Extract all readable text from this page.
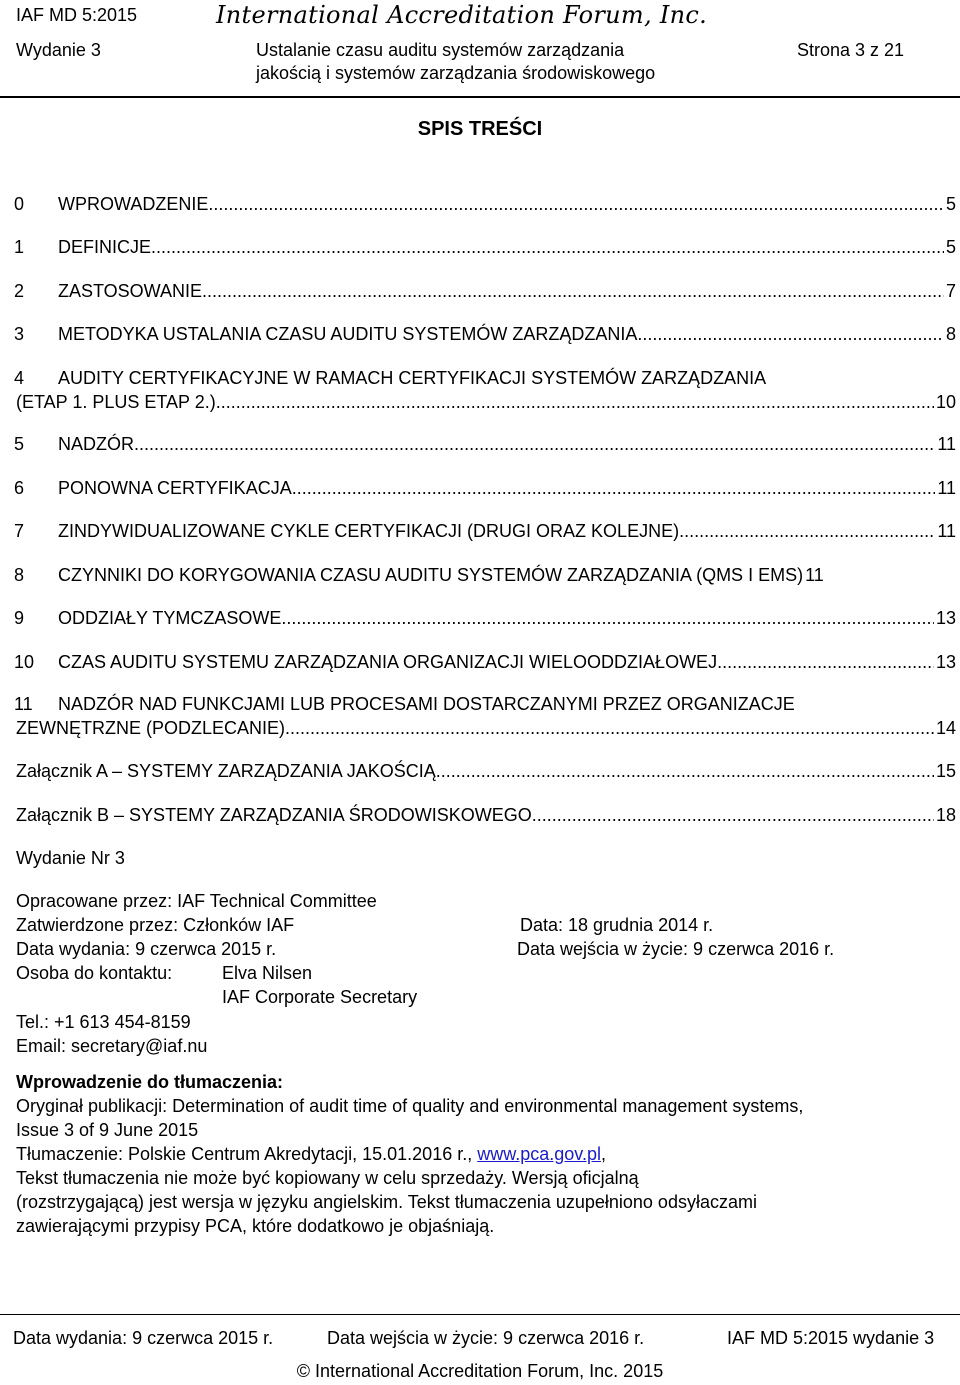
IAF MD 5:2015	International Accreditation Forum, Inc.
Wydanie 3	Ustalanie czasu auditu systemów zarządzania
jakością i systemów zarządzania środowiskowego
Strona 3 z 21
SPIS TREŚCI
0	WPROWADZENIE .....	5
1	DEFINICJE .....	5
2	ZASTOSOWANIE .....	7
3	METODYKA USTALANIA CZASU AUDITU SYSTEMÓW ZARZĄDZANIA .....	8
4 AUDITY CERTYFIKACYJNE W RAMACH CERTYFIKACJI SYSTEMÓW ZARZĄDZANIA
(ETAP 1. PLUS ETAP 2.) .....	10
5	NADZÓR .....	11
6	PONOWNA CERTYFIKACJA .....	11
7	ZINDYWIDUALIZOWANE CYKLE CERTYFIKACJI (DRUGI ORAZ KOLEJNE) .....	11
8	CZYNNIKI DO KORYGOWANIA CZASU AUDITU SYSTEMÓW ZARZĄDZANIA (QMS I EMS) 11
9	ODDZIAŁY TYMCZASOWE .....	13
10	CZAS AUDITU SYSTEMU ZARZĄDZANIA ORGANIZACJI WIELOODDZIAŁOWEJ .....	13
11 NADZÓR NAD FUNKCJAMI LUB PROCESAMI DOSTARCZANYMI PRZEZ ORGANIZACJE
ZEWNĘTRZNE (PODZLECANIE) .....	14
Załącznik A – SYSTEMY ZARZĄDZANIA JAKOŚCIĄ .....	15
Załącznik B – SYSTEMY ZARZĄDZANIA ŚRODOWISKOWEGO .....	18
Wydanie Nr 3
Opracowane przez: IAF Technical Committee
Zatwierdzone przez: Członków IAF	Data: 18 grudnia 2014 r.
Data wydania: 9 czerwca 2015 r.	Data wejścia w życie: 9 czerwca 2016 r.
Osoba do kontaktu:	Elva Nilsen
IAF Corporate Secretary
Tel.: +1 613 454-8159
Email: secretary@iaf.nu
Wprowadzenie do tłumaczenia:
Oryginał publikacji: Determination of audit time of quality and environmental management systems,
Issue 3 of 9 June 2015
Tłumaczenie: Polskie Centrum Akredytacji, 15.01.2016 r., www.pca.gov.pl,
Tekst tłumaczenia nie może być kopiowany w celu sprzedaży. Wersją oficjalną
(rozstrzygającą) jest wersja w języku angielskim. Tekst tłumaczenia uzupełniono odsyłaczami
zawierającymi przypisy PCA, które dodatkowo je objaśniają.
Data wydania: 9 czerwca 2015 r.	Data wejścia w życie: 9 czerwca 2016 r.	IAF MD 5:2015 wydanie 3
© International Accreditation Forum, Inc. 2015
